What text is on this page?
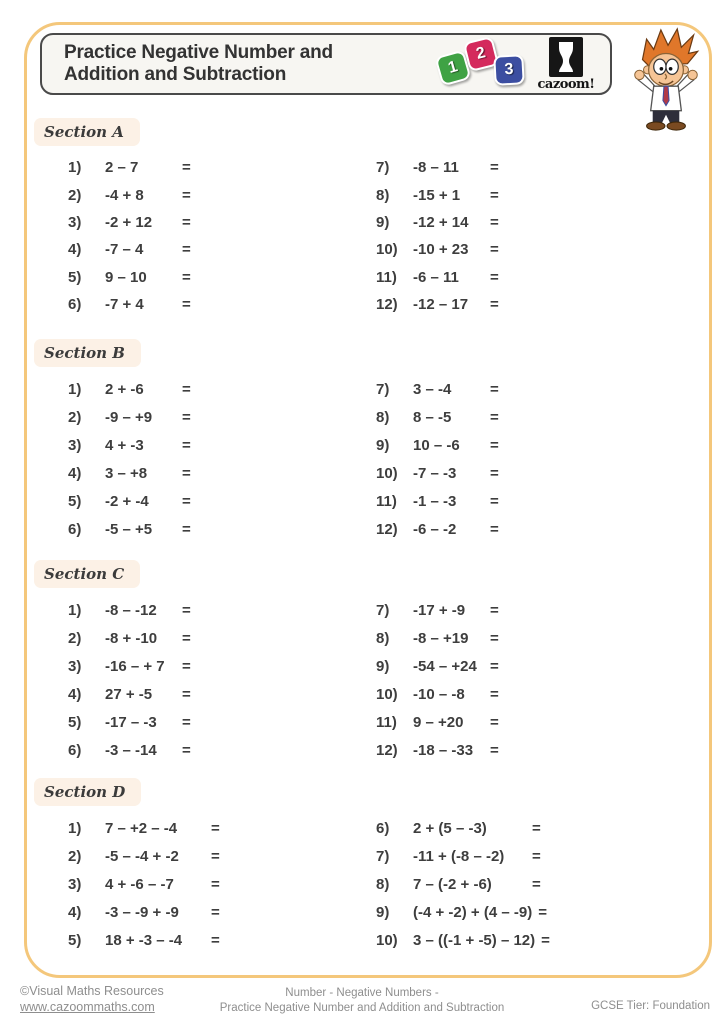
Practice Negative Number and
Addition and Subtraction	1
2
3
cazoom!
Section A
1)	2 – 7	=
2)	-4 + 8	=
3)	-2 + 12	=
4)	-7 – 4	=
5)	9 – 10	=
6)	-7 + 4	=
7)	-8 – 11	=
8)	-15 + 1	=
9)	-12 + 14	=
10)	-10 + 23	=
11)	-6 – 11	=
12)	-12 – 17	=
Section B
1)	2 + -6	=
2)	-9 – +9	=
3)	4 + -3	=
4)	3 – +8	=
5)	-2 + -4	=
6)	-5 – +5	=
7)	3 – -4	=
8)	8 – -5	=
9)	10 – -6	=
10)	-7 – -3	=
11)	-1 – -3	=
12)	-6 – -2	=
Section C
1)	-8 – -12	=
2)	-8 + -10	=
3)	-16 – + 7	=
4)	27 + -5	=
5)	-17 – -3	=
6)	-3 – -14	=
7)	-17 + -9	=
8)	-8 – +19	=
9)	-54 – +24 =
10)	-10 – -8	=
11)	9 – +20	=
12)	-18 – -33	=
Section D
1)	7 – +2 – -4	=
2)	-5 – -4 + -2	=
3)	4 + -6 – -7	=
4)	-3 – -9 + -9	=
5)	18 + -3 – -4	=
6)	2 + (5 – -3)	=
7)	-11 + (-8 – -2)	=
8)	7 – (-2 + -6)	=
9)	(-4 + -2) + (4 – -9) =
10)	3 – ((-1 + -5) – 12) =
©Visual Maths Resources
www.cazoommaths.com
Number - Negative Numbers -
Practice Negative Number and Addition and Subtraction	GCSE Tier: Foundation
